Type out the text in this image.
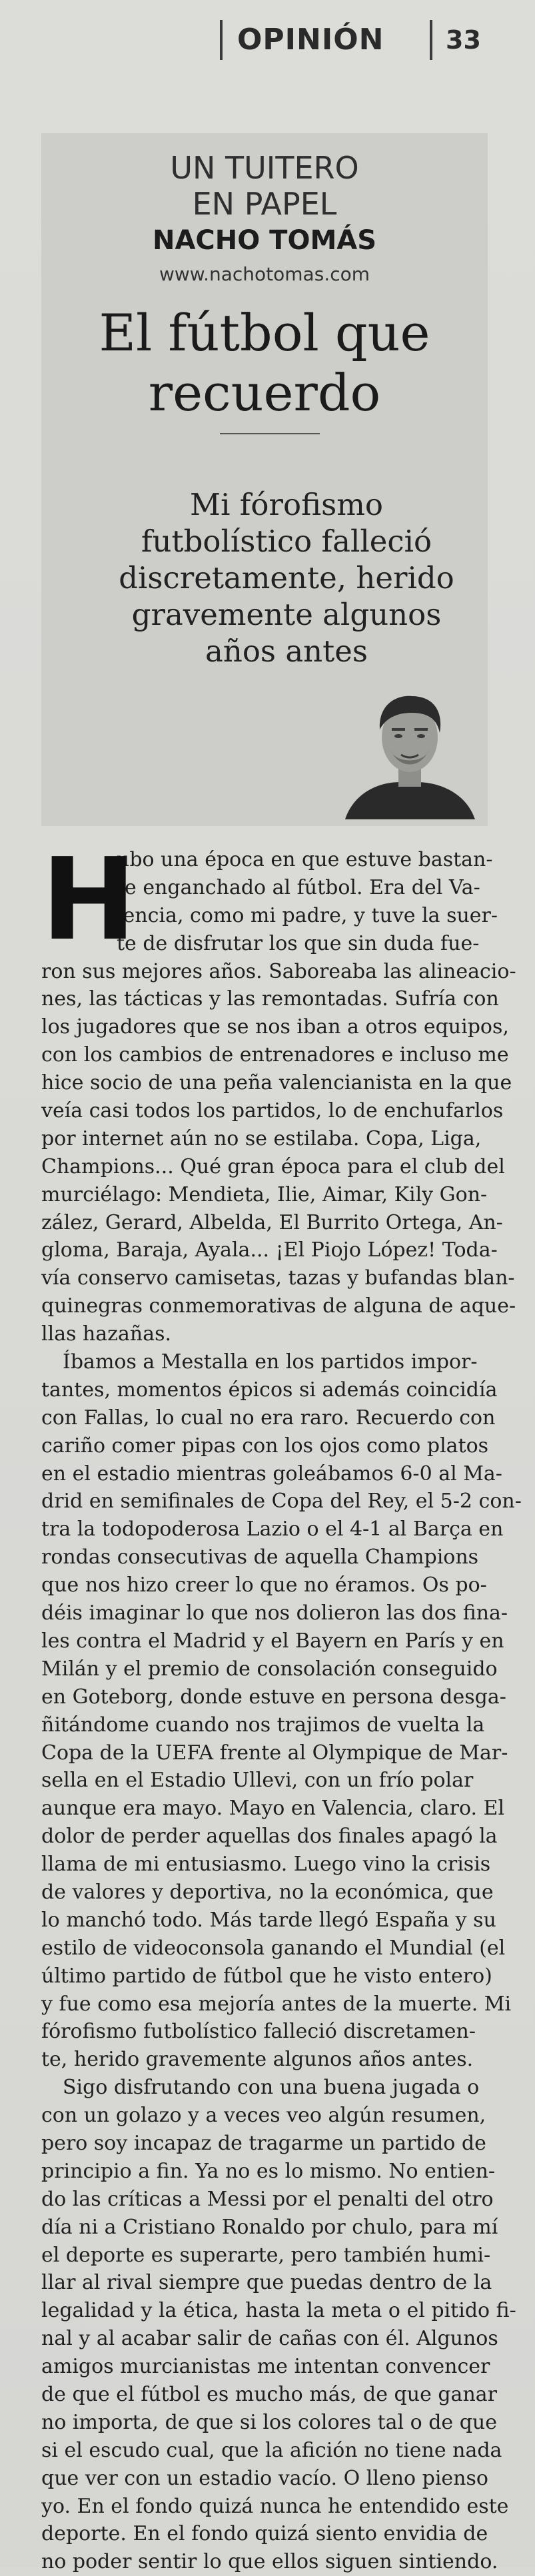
OPINIÓN	33
UN TUITERO
EN PAPEL
NACHO TOMÁS
www.nachotomas.com
El fútbol que
recuerdo
Mi fórofismo
futbolístico falleció
discretamente, herido
gravemente algunos
años antes
H
ubo una época en que estuve bastan-
te enganchado al fútbol. Era del Va-
lencia, como mi padre, y tuve la suer-
te de disfrutar los que sin duda fue-
ron sus mejores años. Saboreaba las alineacio-
nes, las tácticas y las remontadas. Sufría con
los jugadores que se nos iban a otros equipos,
con los cambios de entrenadores e incluso me
hice socio de una peña valencianista en la que
veía casi todos los partidos, lo de enchufarlos
por internet aún no se estilaba. Copa, Liga,
Champions... Qué gran época para el club del
murciélago: Mendieta, Ilie, Aimar, Kily Gon-
zález, Gerard, Albelda, El Burrito Ortega, An-
gloma, Baraja, Ayala... ¡El Piojo López! Toda-
vía conservo camisetas, tazas y bufandas blan-
quinegras conmemorativas de alguna de aque-
llas hazañas.
Íbamos a Mestalla en los partidos impor-
tantes, momentos épicos si además coincidía
con Fallas, lo cual no era raro. Recuerdo con
cariño comer pipas con los ojos como platos
en el estadio mientras goleábamos 6-0 al Ma-
drid en semifinales de Copa del Rey, el 5-2 con-
tra la todopoderosa Lazio o el 4-1 al Barça en
rondas consecutivas de aquella Champions
que nos hizo creer lo que no éramos. Os po-
déis imaginar lo que nos dolieron las dos fina-
les contra el Madrid y el Bayern en París y en
Milán y el premio de consolación conseguido
en Goteborg, donde estuve en persona desga-
ñitándome cuando nos trajimos de vuelta la
Copa de la UEFA frente al Olympique de Mar-
sella en el Estadio Ullevi, con un frío polar
aunque era mayo. Mayo en Valencia, claro. El
dolor de perder aquellas dos finales apagó la
llama de mi entusiasmo. Luego vino la crisis
de valores y deportiva, no la económica, que
lo manchó todo. Más tarde llegó España y su
estilo de videoconsola ganando el Mundial (el
último partido de fútbol que he visto entero)
y fue como esa mejoría antes de la muerte. Mi
fórofismo futbolístico falleció discretamen-
te, herido gravemente algunos años antes.
Sigo disfrutando con una buena jugada o
con un golazo y a veces veo algún resumen,
pero soy incapaz de tragarme un partido de
principio a fin. Ya no es lo mismo. No entien-
do las críticas a Messi por el penalti del otro
día ni a Cristiano Ronaldo por chulo, para mí
el deporte es superarte, pero también humi-
llar al rival siempre que puedas dentro de la
legalidad y la ética, hasta la meta o el pitido fi-
nal y al acabar salir de cañas con él. Algunos
amigos murcianistas me intentan convencer
de que el fútbol es mucho más, de que ganar
no importa, de que si los colores tal o de que
si el escudo cual, que la afición no tiene nada
que ver con un estadio vacío. O lleno pienso
yo. En el fondo quizá nunca he entendido este
deporte. En el fondo quizá siento envidia de
no poder sentir lo que ellos siguen sintiendo.
